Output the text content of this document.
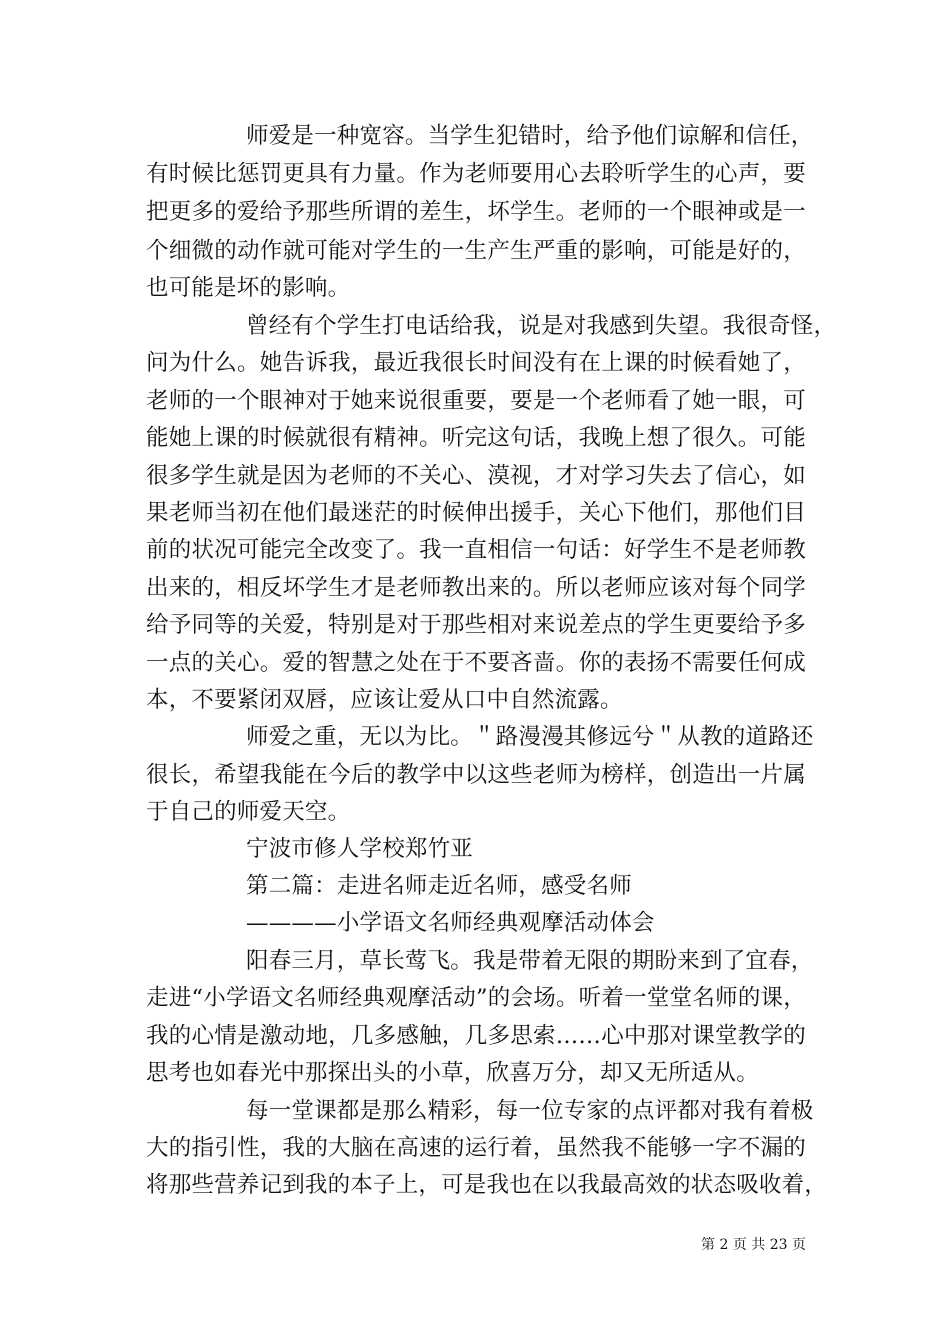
师爱是一种宽容。当学生犯错时，给予他们谅解和信任，
有时候比惩罚更具有力量。作为老师要用心去聆听学生的心声，要
把更多的爱给予那些所谓的差生，坏学生。老师的一个眼神或是一
个细微的动作就可能对学生的一生产生严重的影响，可能是好的，
也可能是坏的影响。
曾经有个学生打电话给我，说是对我感到失望。我很奇怪，
问为什么。她告诉我，最近我很长时间没有在上课的时候看她了，
老师的一个眼神对于她来说很重要，要是一个老师看了她一眼，可
能她上课的时候就很有精神。听完这句话，我晚上想了很久。可能
很多学生就是因为老师的不关心、漠视，才对学习失去了信心，如
果老师当初在他们最迷茫的时候伸出援手，关心下他们，那他们目
前的状况可能完全改变了。我一直相信一句话：好学生不是老师教
出来的，相反坏学生才是老师教出来的。所以老师应该对每个同学
给予同等的关爱，特别是对于那些相对来说差点的学生更要给予多
一点的关心。爱的智慧之处在于不要吝啬。你的表扬不需要任何成
本，不要紧闭双唇，应该让爱从口中自然流露。
师爱之重，无以为比。＂路漫漫其修远兮＂从教的道路还
很长，希望我能在今后的教学中以这些老师为榜样，创造出一片属
于自己的师爱天空。
宁波市修人学校郑竹亚
第二篇：走进名师走近名师，感受名师
————小学语文名师经典观摩活动体会
阳春三月，草长莺飞。我是带着无限的期盼来到了宜春，
走进“小学语文名师经典观摩活动”的会场。听着一堂堂名师的课，
我的心情是激动地，几多感触，几多思索……心中那对课堂教学的
思考也如春光中那探出头的小草，欣喜万分，却又无所适从。
每一堂课都是那么精彩，每一位专家的点评都对我有着极
大的指引性，我的大脑在高速的运行着，虽然我不能够一字不漏的
将那些营养记到我的本子上，可是我也在以我最高效的状态吸收着，
第 2 页 共 23 页
